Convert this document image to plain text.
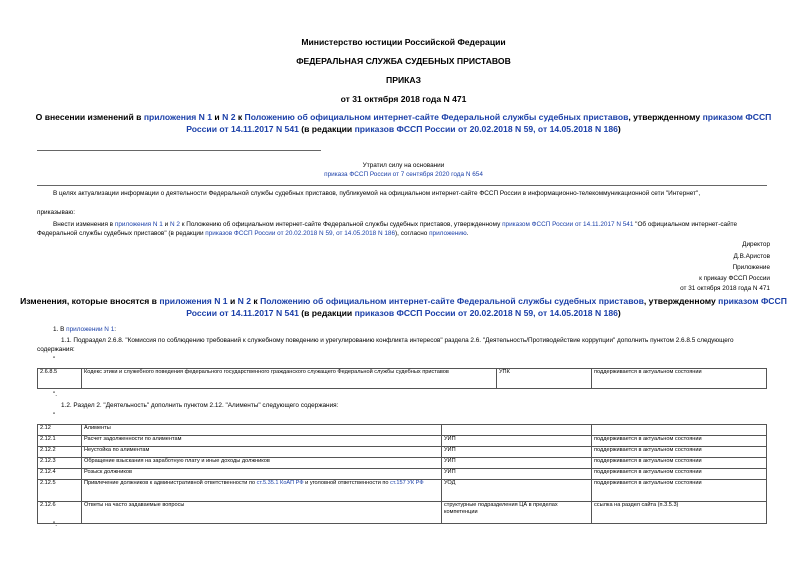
Министерство юстиции Российской Федерации
ФЕДЕРАЛЬНАЯ СЛУЖБА СУДЕБНЫХ ПРИСТАВОВ
ПРИКАЗ
от 31 октября 2018 года N 471
О внесении изменений в приложения N 1 и N 2 к Положению об официальном интернет-сайте Федеральной службы судебных приставов, утвержденному приказом ФССП России от 14.11.2017 N 541 (в редакции приказов ФССП России от 20.02.2018 N 59, от 14.05.2018 N 186)
Утратил силу на основании
приказа ФССП России от 7 сентября 2020 года N 654
В целях актуализации информации о деятельности Федеральной службы судебных приставов, публикуемой на официальном интернет-сайте ФССП России в информационно-телекоммуникационной сети "Интернет",
приказываю:
Внести изменения в приложения N 1 и N 2 к Положению об официальном интернет-сайте Федеральной службы судебных приставов, утвержденному приказом ФССП России от 14.11.2017 N 541 "Об официальном интернет-сайте Федеральной службы судебных приставов" (в редакции приказов ФССП России от 20.02.2018 N 59, от 14.05.2018 N 186), согласно приложению.
Директор
Д.В.Аристов
Приложение
к приказу ФССП России
от 31 октября 2018 года N 471
Изменения, которые вносятся в приложения N 1 и N 2 к Положению об официальном интернет-сайте Федеральной службы судебных приставов, утвержденному приказом ФССП России от 14.11.2017 N 541 (в редакции приказов ФССП России от 20.02.2018 N 59, от 14.05.2018 N 186)
1. В приложении N 1:
1.1. Подраздел 2.6.8. "Комиссия по соблюдению требований к служебному поведению и урегулированию конфликта интересов" раздела 2.6. "Деятельность/Противодействие коррупции" дополнить пунктом 2.6.8.5 следующего содержания:
"
2.6.8.5	Кодекс этики и служебного поведения федерального государственного гражданского служащего Федеральной службы судебных приставов	УПК	поддерживается в актуальном состоянии
".
1.2. Раздел 2. "Деятельность" дополнить пунктом 2.12. "Алименты" следующего содержания:
"
2.12	Алименты		
2.12.1	Расчет задолженности по алиментам	УИП	поддерживается в актуальном состоянии
2.12.2	Неустойка по алиментам	УИП	поддерживается в актуальном состоянии
2.12.3	Обращение взыскания на заработную плату и иные доходы должников	УИП	поддерживается в актуальном состоянии
2.12.4	Розыск должников	УИП	поддерживается в актуальном состоянии
2.12.5	Привлечение должников к административной ответственности по ст.5.35.1 КоАП РФ и уголовной ответственности по ст.157 УК РФ	УОД	поддерживается в актуальном состоянии
2.12.6	Ответы на часто задаваемые вопросы	структурные подразделения ЦА в пределах компетенции	ссылка на раздел сайта (п.3.5.3)
".
